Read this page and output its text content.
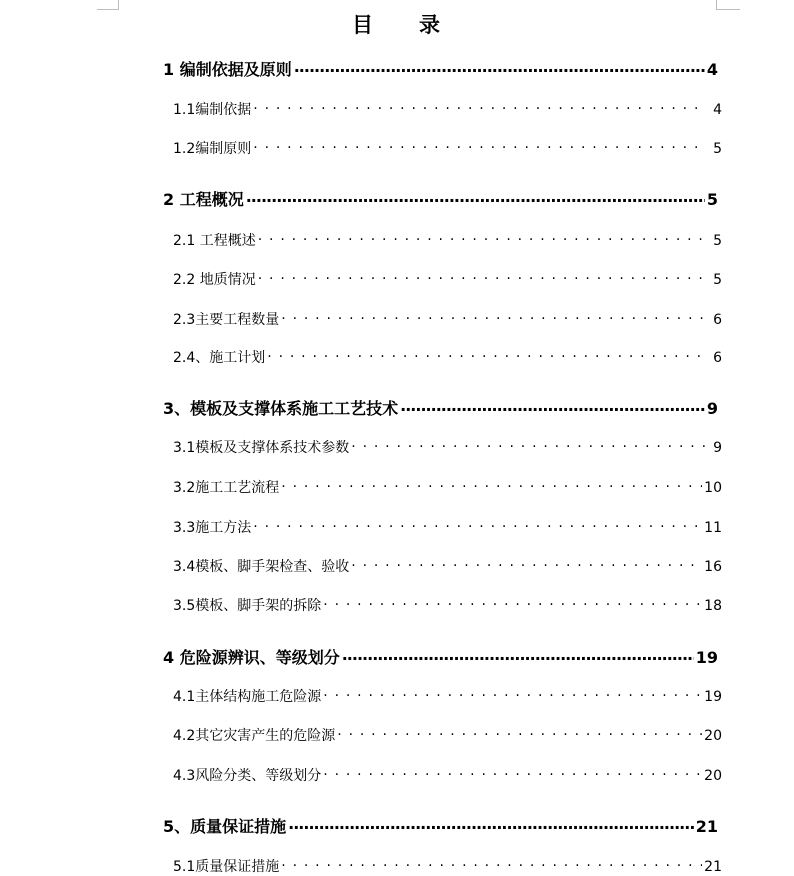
目 录
1 编制依据及原则 .....	4
1.1编制依据 . . .	4
1.2编制原则 . . .	5
2 工程概况 .....	5
2.1 工程概述 . . .	5
2.2 地质情况 . . .	5
2.3主要工程数量 . . .	6
2.4、施工计划 . . .	6
3、模板及支撑体系施工工艺技术 .....	9
3.1模板及支撑体系技术参数 . . .	9
3.2施工工艺流程 . . .	10
3.3施工方法 . . .	11
3.4模板、脚手架检查、验收 . . .	16
3.5模板、脚手架的拆除 . . .	18
4 危险源辨识、等级划分 .....	19
4.1主体结构施工危险源 . . .	19
4.2其它灾害产生的危险源 . . .	20
4.3风险分类、等级划分 . . .	20
5、质量保证措施 .....	21
5.1质量保证措施 . . .	21
